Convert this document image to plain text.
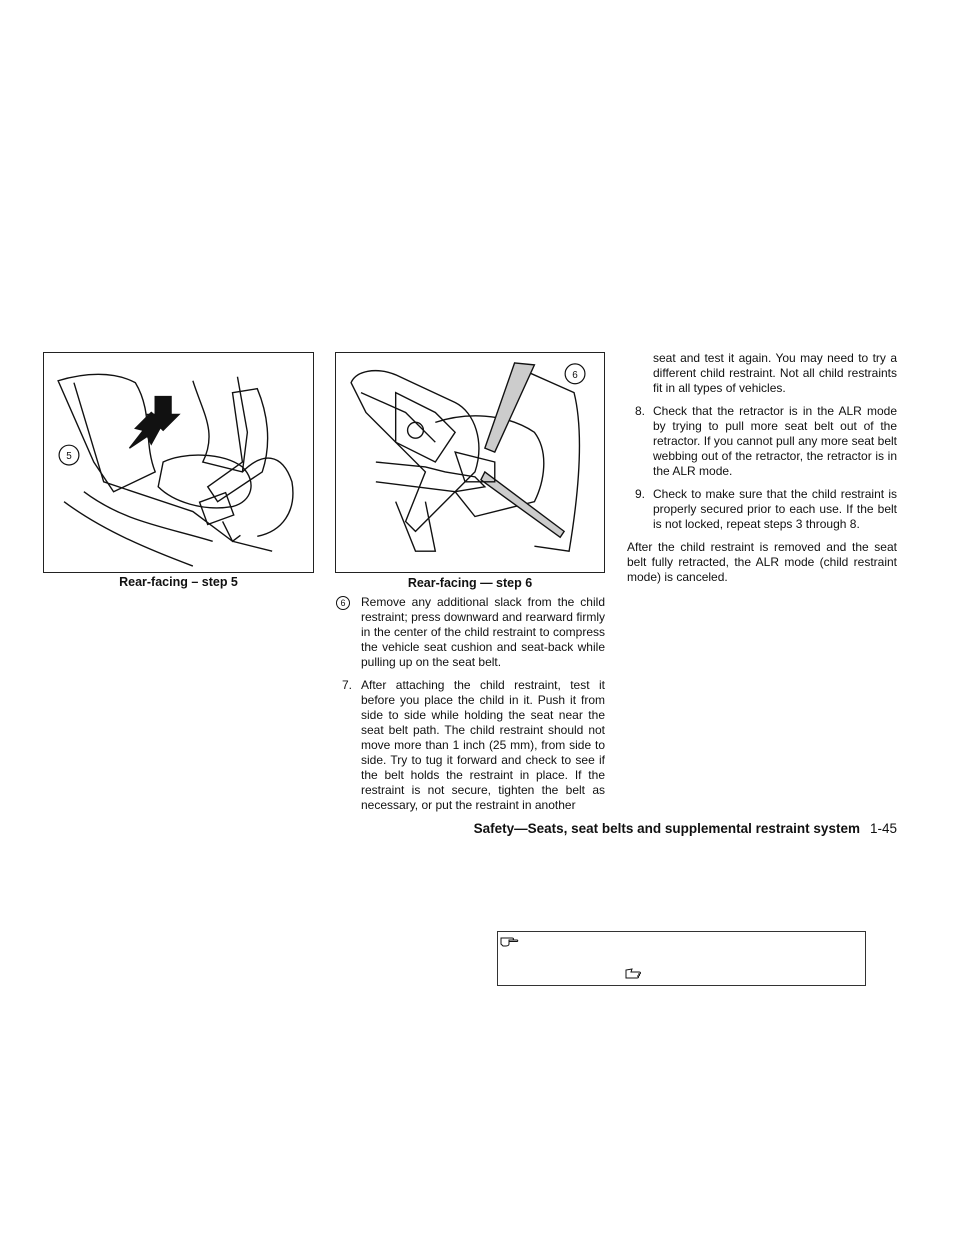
5
Rear-facing – step 5
6
Rear-facing — step 6

6	Remove any additional slack from the child restraint; press downward and rearward firmly in the center of the child restraint to compress the vehicle seat cushion and seat-back while pulling up on the seat belt.

7. After attaching the child restraint, test it before you place the child in it. Push it from side to side while holding the seat near the seat belt path. The child restraint should not move more than 1 inch (25 mm), from side to side. Try to tug it forward and check to see if the belt holds the restraint in place. If the restraint is not secure, tighten the belt as necessary, or put the restraint in another

seat and test it again. You may need to try a different child restraint. Not all child restraints fit in all types of vehicles.

8. Check that the retractor is in the ALR mode by trying to pull more seat belt out of the retractor. If you cannot pull any more seat belt webbing out of the retractor, the retractor is in the ALR mode.

9. Check to make sure that the child restraint is properly secured prior to each use. If the belt is not locked, repeat steps 3 through 8.

After the child restraint is removed and the seat belt fully retracted, the ALR mode (child restraint mode) is canceled.

Safety—Seats, seat belts and supplemental restraint system 1-45
